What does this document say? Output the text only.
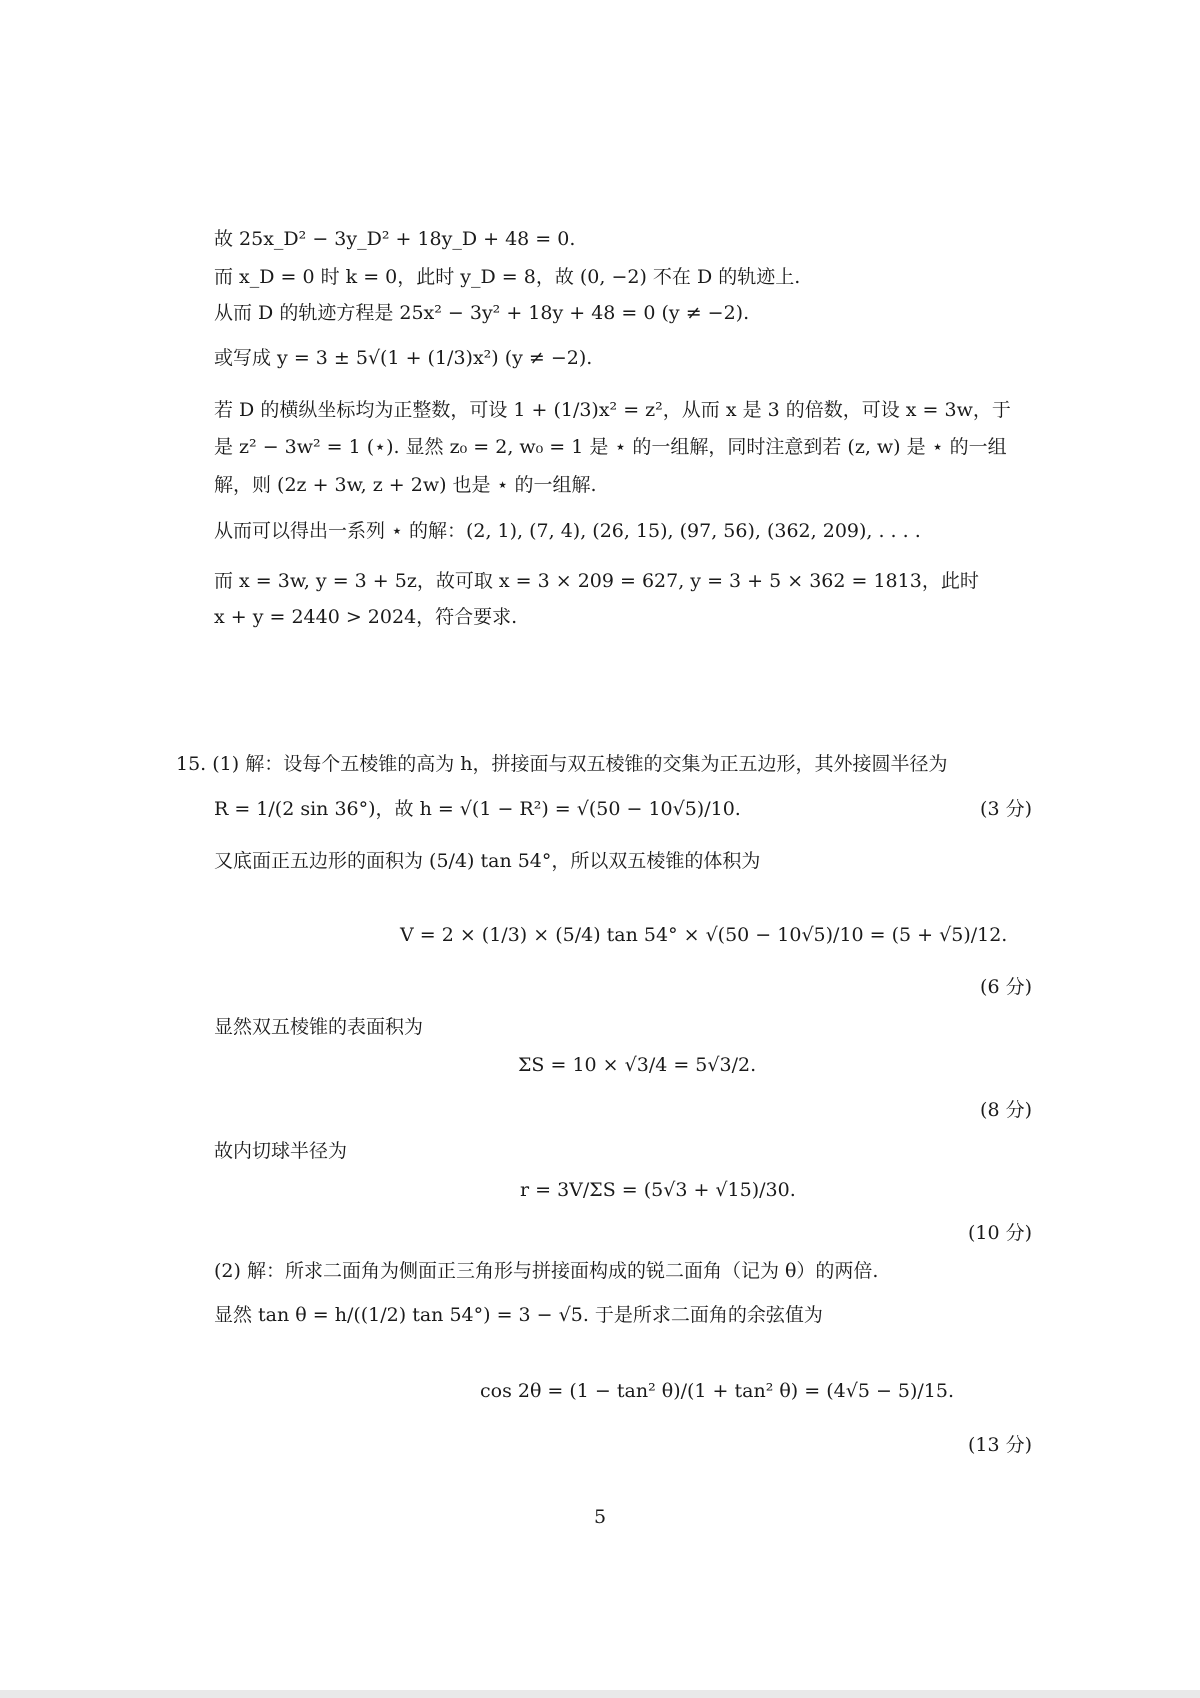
故 25x_D² − 3y_D² + 18y_D + 48 = 0.
而 x_D = 0 时 k = 0，此时 y_D = 8，故 (0, −2) 不在 D 的轨迹上.
从而 D 的轨迹方程是 25x² − 3y² + 18y + 48 = 0 (y ≠ −2).
或写成 y = 3 ± 5√(1 + (1/3)x²) (y ≠ −2).
若 D 的横纵坐标均为正整数，可设 1 + (1/3)x² = z²，从而 x 是 3 的倍数，可设 x = 3w，于
是 z² − 3w² = 1 (⋆). 显然 z₀ = 2, w₀ = 1 是 ⋆ 的一组解，同时注意到若 (z, w) 是 ⋆ 的一组
解，则 (2z + 3w, z + 2w) 也是 ⋆ 的一组解.
从而可以得出一系列 ⋆ 的解：(2, 1), (7, 4), (26, 15), (97, 56), (362, 209), . . . .
而 x = 3w, y = 3 + 5z，故可取 x = 3 × 209 = 627, y = 3 + 5 × 362 = 1813，此时
x + y = 2440 > 2024，符合要求.
15. (1) 解：设每个五棱锥的高为 h，拼接面与双五棱锥的交集为正五边形，其外接圆半径为
R = 1/(2 sin 36°)，故 h = √(1 − R²) = √(50 − 10√5)/10.	(3 分)
又底面正五边形的面积为 (5/4) tan 54°，所以双五棱锥的体积为
V = 2 × (1/3) × (5/4) tan 54° × √(50 − 10√5)/10 = (5 + √5)/12.
(6 分)
显然双五棱锥的表面积为
ΣS = 10 × √3/4 = 5√3/2.
(8 分)
故内切球半径为
r = 3V/ΣS = (5√3 + √15)/30.
(10 分)
(2) 解：所求二面角为侧面正三角形与拼接面构成的锐二面角（记为 θ）的两倍.
显然 tan θ = h/((1/2) tan 54°) = 3 − √5. 于是所求二面角的余弦值为
cos 2θ = (1 − tan² θ)/(1 + tan² θ) = (4√5 − 5)/15.
(13 分)
5
